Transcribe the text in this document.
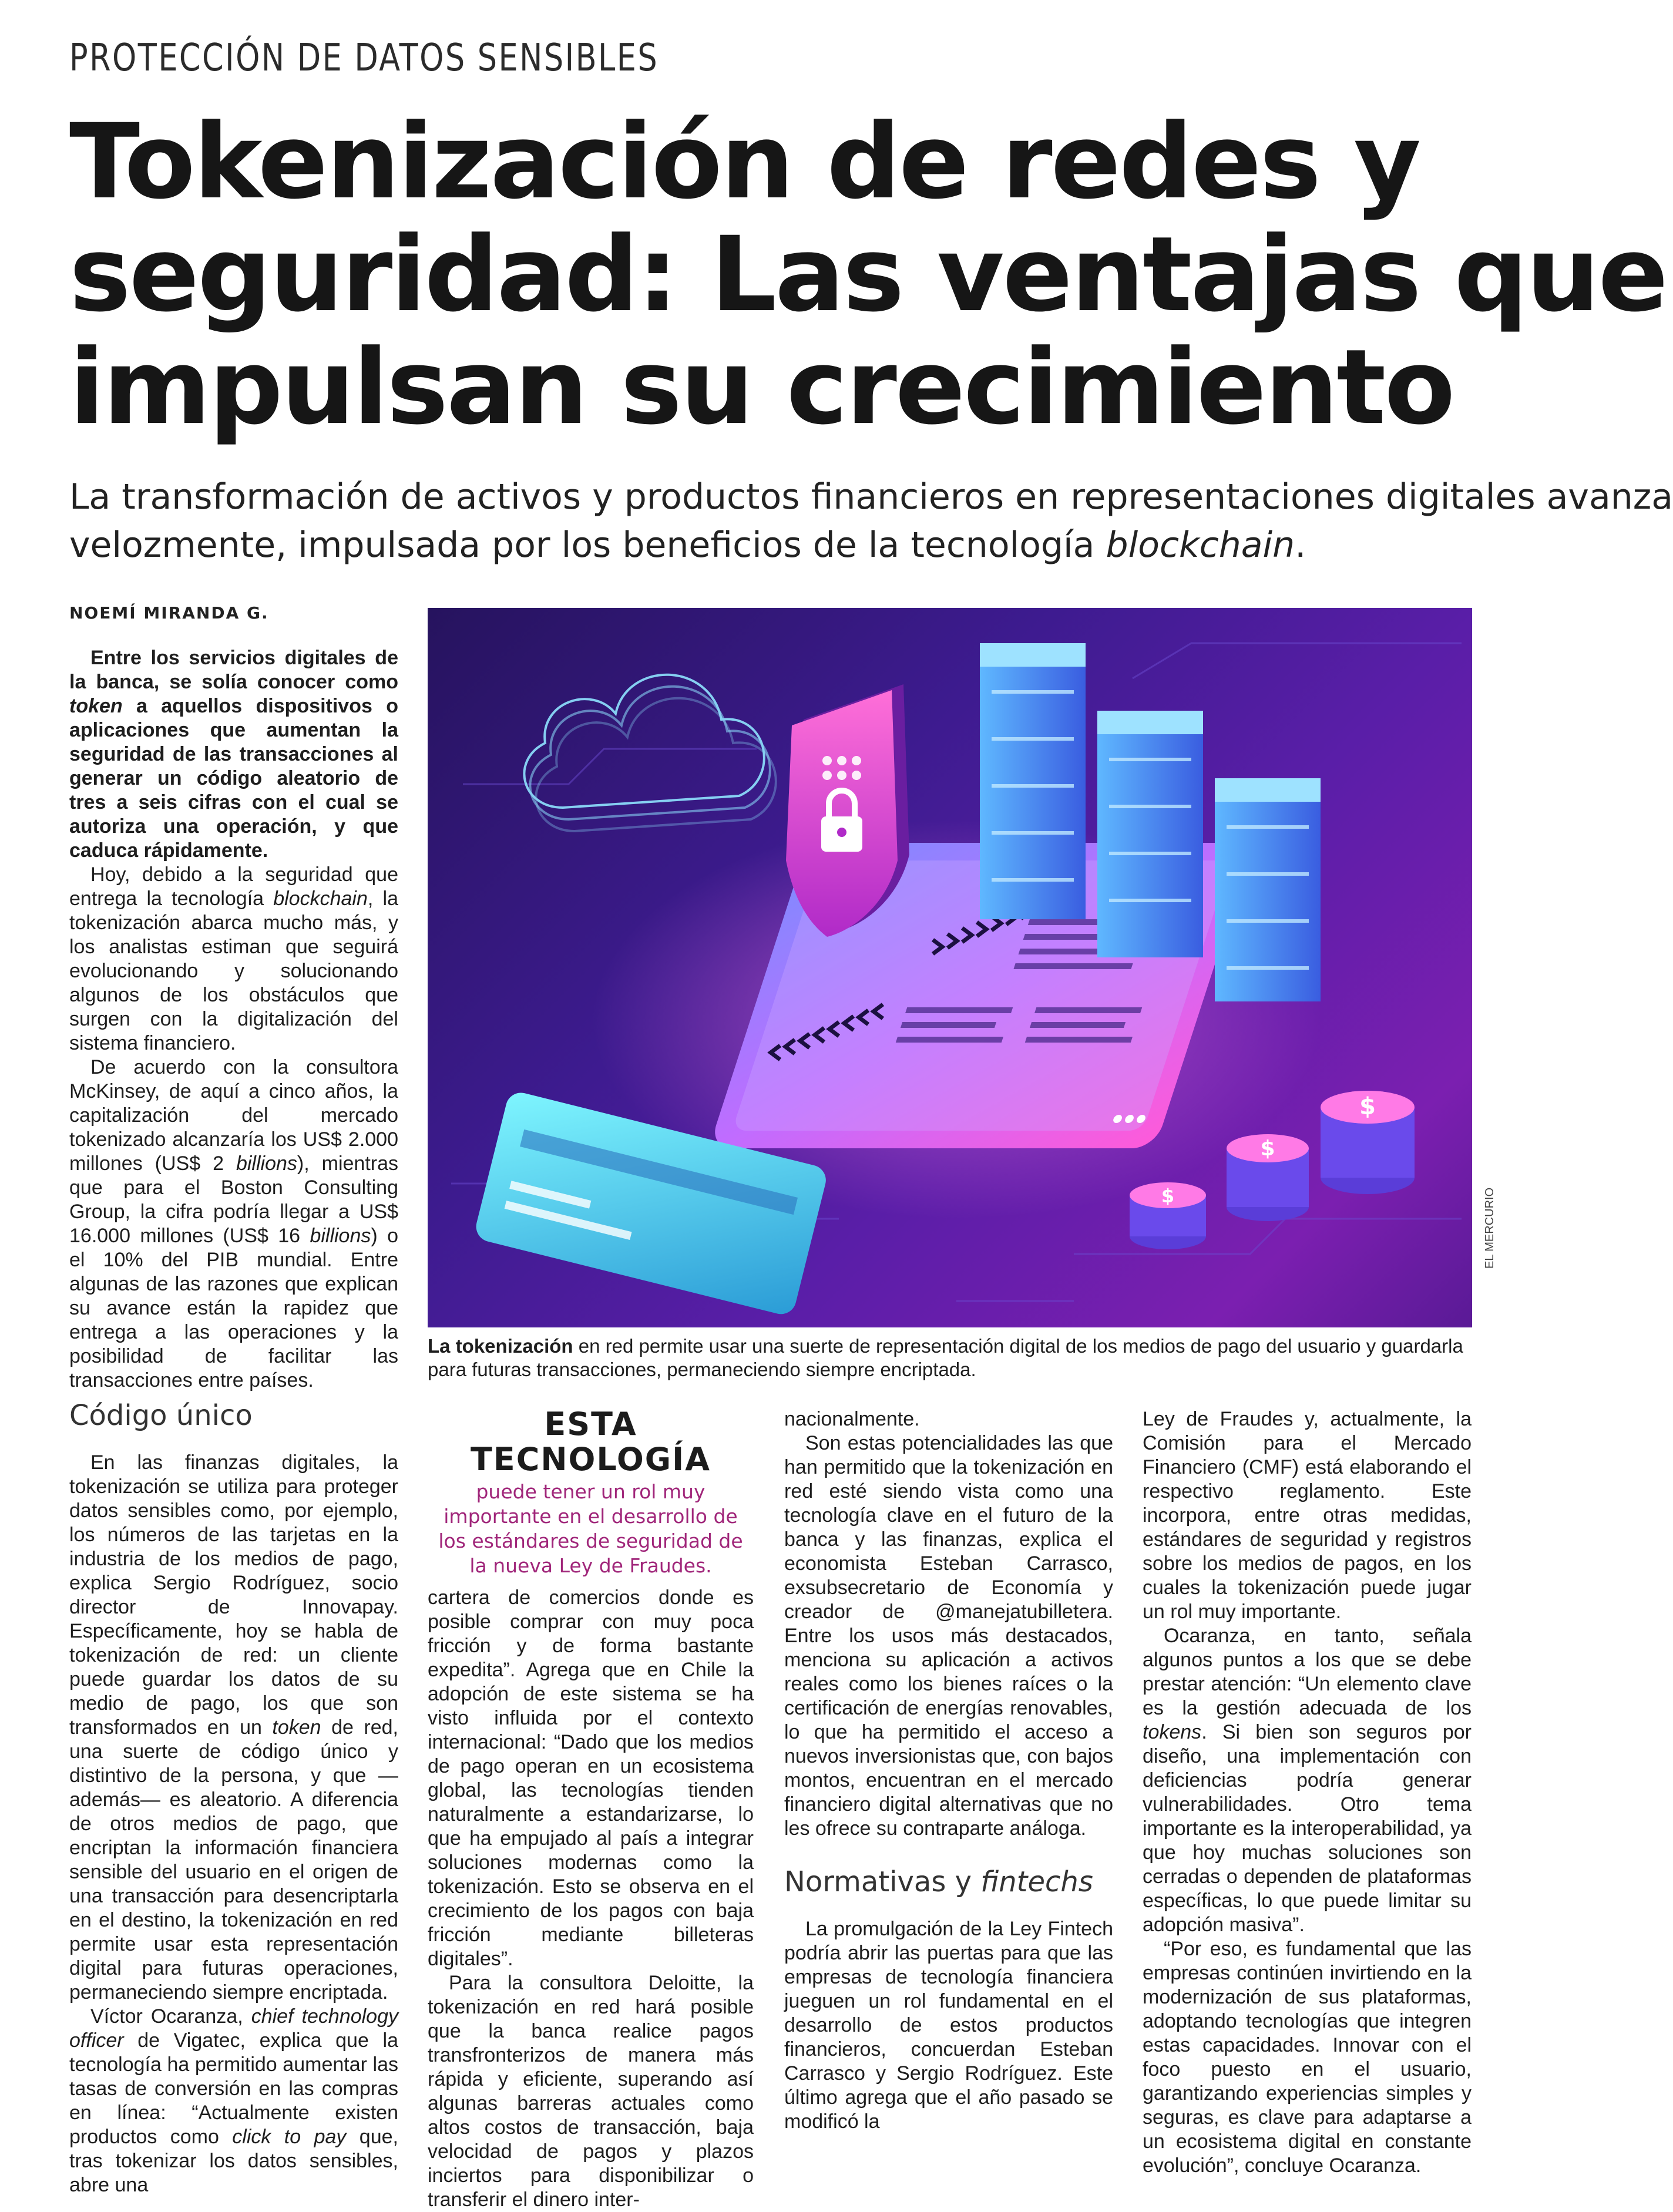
PROTECCIÓN DE DATOS SENSIBLES
Tokenización de redes y
seguridad: Las ventajas que
impulsan su crecimiento

La transformación de activos y productos financieros en representaciones digitales avanza
velozmente, impulsada por los beneficios de la tecnología blockchain.

NOEMÍ MIRANDA G.

Entre los servicios digitales de la banca, se solía conocer como token a aquellos dispositivos o aplicaciones que aumentan la seguridad de las transacciones al generar un código aleatorio de tres a seis cifras con el cual se autoriza una operación, y que caduca rápidamente.

Hoy, debido a la seguridad que entrega la tecnología blockchain, la tokenización abarca mucho más, y los analistas estiman que seguirá evolucionando y solucionando algunos de los obstáculos que surgen con la digitalización del sistema financiero.

De acuerdo con la consultora McKinsey, de aquí a cinco años, la capitalización del mercado tokenizado alcanzaría los US$ 2.000 millones (US$ 2 billions), mientras que para el Boston Consulting Group, la cifra podría llegar a US$ 16.000 millones (US$ 16 billions) o el 10% del PIB mundial. Entre algunas de las razones que explican su avance están la rapidez que entrega a las operaciones y la posibilidad de facilitar las transacciones entre países.

$
$
$	EL MERCURIO
La tokenización en red permite usar una suerte de representación digital de los medios de pago del usuario y guardarla para futuras transacciones, permaneciendo siempre encriptada.
Código único

En las finanzas digitales, la tokenización se utiliza para proteger datos sensibles como, por ejemplo, los números de las tarjetas en la industria de los medios de pago, explica Sergio Rodríguez, socio director de Innovapay. Específicamente, hoy se habla de tokenización de red: un cliente puede guardar los datos de su medio de pago, los que son transformados en un token de red, una suerte de código único y distintivo de la persona, y que —además— es aleatorio. A diferencia de otros medios de pago, que encriptan la información financiera sensible del usuario en el origen de una transacción para desencriptarla en el destino, la tokenización en red permite usar esta representación digital para futuras operaciones, permaneciendo siempre encriptada.

Víctor Ocaranza, chief technology officer de Vigatec, explica que la tecnología ha permitido aumentar las tasas de conversión en las compras en línea: “Actualmente existen productos como click to pay que, tras tokenizar los datos sensibles, abre una

ESTA TECNOLOGÍA
puede tener un rol muy importante en el desarrollo de los estándares de seguridad de la nueva Ley de Fraudes.

cartera de comercios donde es posible comprar con muy poca fricción y de forma bastante expedita”. Agrega que en Chile la adopción de este sistema se ha visto influida por el contexto internacional: “Dado que los medios de pago operan en un ecosistema global, las tecnologías tienden naturalmente a estandarizarse, lo que ha empujado al país a integrar soluciones modernas como la tokenización. Esto se observa en el crecimiento de los pagos con baja fricción mediante billeteras digitales”.

Para la consultora Deloitte, la tokenización en red hará posible que la banca realice pagos transfronterizos de manera más rápida y eficiente, superando así algunas barreras actuales como altos costos de transacción, baja velocidad de pagos y plazos inciertos para disponibilizar o transferir el dinero inter-

nacionalmente.

Son estas potencialidades las que han permitido que la tokenización en red esté siendo vista como una tecnología clave en el futuro de la banca y las finanzas, explica el economista Esteban Carrasco, exsubsecretario de Economía y creador de @manejatubilletera. Entre los usos más destacados, menciona su aplicación a activos reales como los bienes raíces o la certificación de energías renovables, lo que ha permitido el acceso a nuevos inversionistas que, con bajos montos, encuentran en el mercado financiero digital alternativas que no les ofrece su contraparte análoga.

Normativas y fintechs

La promulgación de la Ley Fintech podría abrir las puertas para que las empresas de tecnología financiera jueguen un rol fundamental en el desarrollo de estos productos financieros, concuerdan Esteban Carrasco y Sergio Rodríguez. Este último agrega que el año pasado se modificó la

Ley de Fraudes y, actualmente, la Comisión para el Mercado Financiero (CMF) está elaborando el respectivo reglamento. Este incorpora, entre otras medidas, estándares de seguridad y registros sobre los medios de pagos, en los cuales la tokenización puede jugar un rol muy importante.

Ocaranza, en tanto, señala algunos puntos a los que se debe prestar atención: “Un elemento clave es la gestión adecuada de los tokens. Si bien son seguros por diseño, una implementación con deficiencias podría generar vulnerabilidades. Otro tema importante es la interoperabilidad, ya que hoy muchas soluciones son cerradas o dependen de plataformas específicas, lo que puede limitar su adopción masiva”.

“Por eso, es fundamental que las empresas continúen invirtiendo en la modernización de sus plataformas, adoptando tecnologías que integren estas capacidades. Innovar con el foco puesto en el usuario, garantizando experiencias simples y seguras, es clave para adaptarse a un ecosistema digital en constante evolución”, concluye Ocaranza.
